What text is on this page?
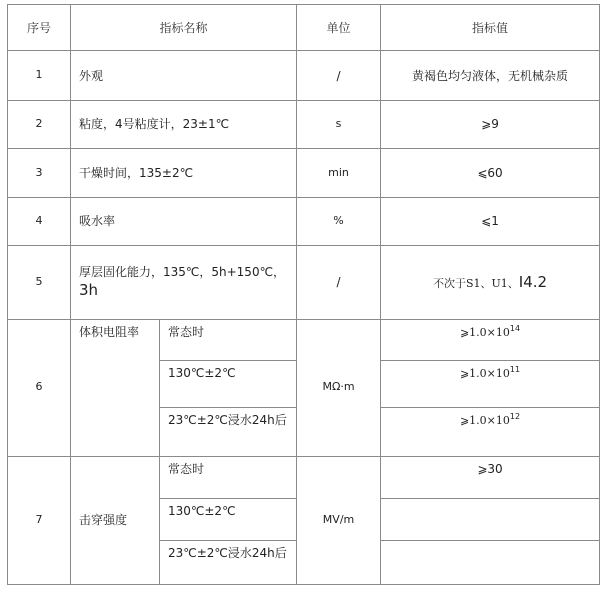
序号	指标名称		单位	指标值
1	外观		/	黄褐色均匀液体，无机械杂质
2	粘度，4号粘度计，23±1℃		s	⩾9
3	干燥时间，135±2℃		min	⩽60
4	吸水率		%	⩽1
5	厚层固化能力，135℃，5h+150℃，
3h		/	不次于S1、U1、I4.2
6	体积电阻率	常态时	MΩ·m	$⩾1.0\times 10^{14}$
		130℃±2℃		$⩾1.0\times 10^{11}$
		23℃±2℃浸水24h后		$⩾1.0\times 10^{12}$
7	击穿强度	常态时	MV/m	⩾30
		130℃±2℃		
		23℃±2℃浸水24h后		
